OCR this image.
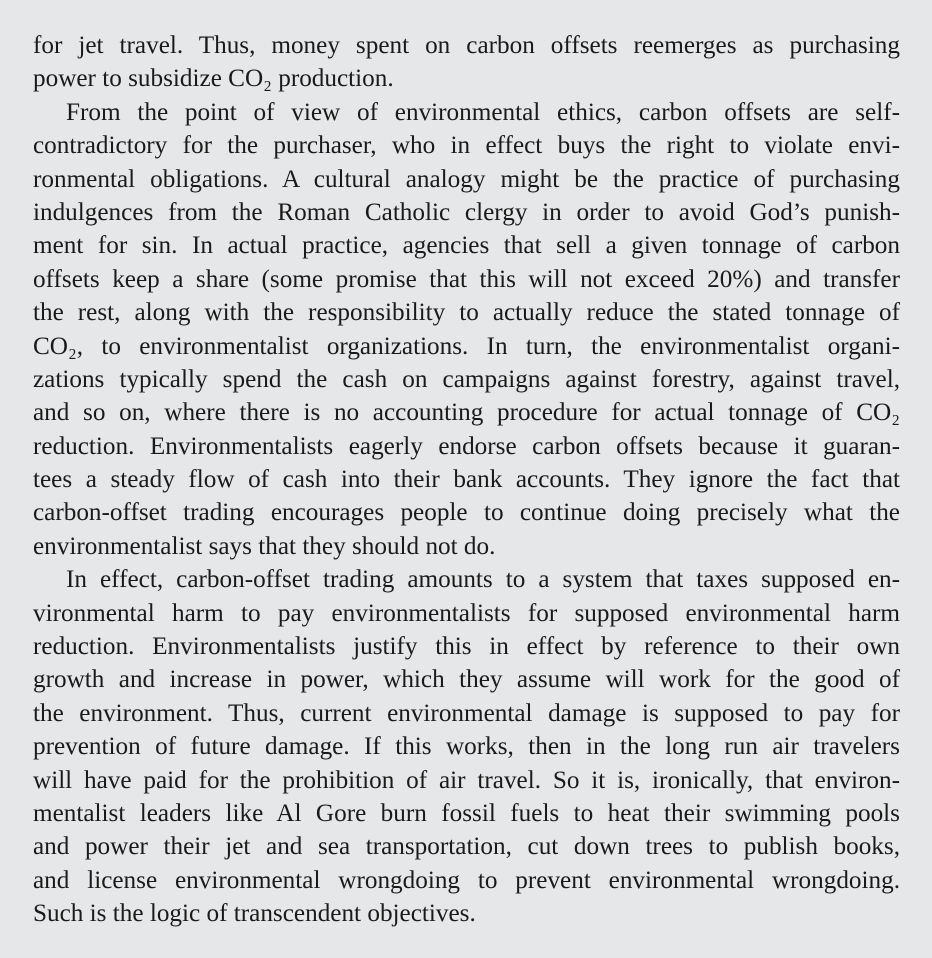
for jet travel. Thus, money spent on carbon offsets reemerges as purchasing
power to subsidize CO₂ production.
From the point of view of environmental ethics, carbon offsets are self-
contradictory for the purchaser, who in effect buys the right to violate envi-
ronmental obligations. A cultural analogy might be the practice of purchasing
indulgences from the Roman Catholic clergy in order to avoid God’s punish-
ment for sin. In actual practice, agencies that sell a given tonnage of carbon
offsets keep a share (some promise that this will not exceed 20%) and transfer
the rest, along with the responsibility to actually reduce the stated tonnage of
CO₂, to environmentalist organizations. In turn, the environmentalist organi-
zations typically spend the cash on campaigns against forestry, against travel,
and so on, where there is no accounting procedure for actual tonnage of CO₂
reduction. Environmentalists eagerly endorse carbon offsets because it guaran-
tees a steady flow of cash into their bank accounts. They ignore the fact that
carbon-offset trading encourages people to continue doing precisely what the
environmentalist says that they should not do.
In effect, carbon-offset trading amounts to a system that taxes supposed en-
vironmental harm to pay environmentalists for supposed environmental harm
reduction. Environmentalists justify this in effect by reference to their own
growth and increase in power, which they assume will work for the good of
the environment. Thus, current environmental damage is supposed to pay for
prevention of future damage. If this works, then in the long run air travelers
will have paid for the prohibition of air travel. So it is, ironically, that environ-
mentalist leaders like Al Gore burn fossil fuels to heat their swimming pools
and power their jet and sea transportation, cut down trees to publish books,
and license environmental wrongdoing to prevent environmental wrongdoing.
Such is the logic of transcendent objectives.
